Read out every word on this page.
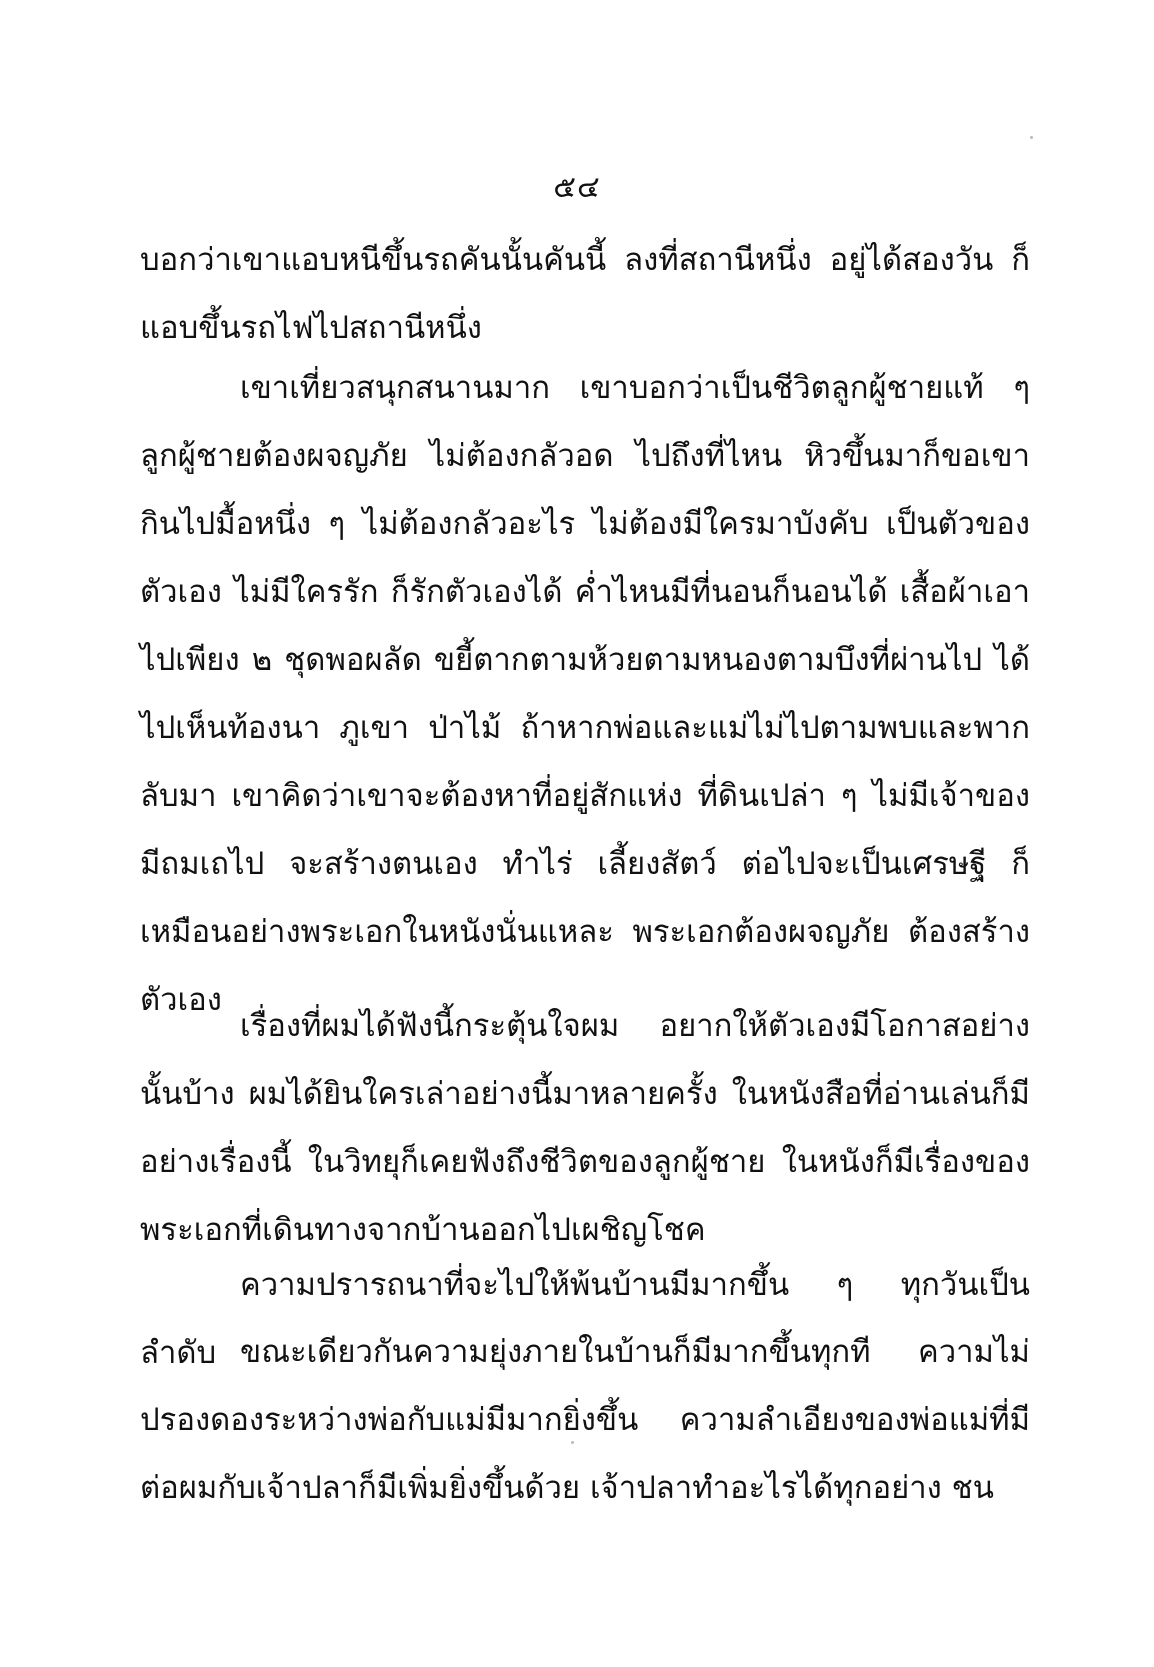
๕๔

บอกว่าเขาแอบหนีขึ้นรถคันนั้นคันนี้ ลงที่สถานีหนึ่ง อยู่ได้สองวัน ก็แอบขึ้นรถไฟไปสถานีหนึ่ง

เขาเที่ยวสนุกสนานมาก เขาบอกว่าเป็นชีวิตลูกผู้ชายแท้ ๆ ลูกผู้ชายต้องผจญภัย ไม่ต้องกลัวอด ไปถึงที่ไหน หิวขึ้นมาก็ขอเขากินไปมื้อหนึ่ง ๆ ไม่ต้องกลัวอะไร ไม่ต้องมีใครมาบังคับ เป็นตัวของตัวเอง ไม่มีใครรัก ก็รักตัวเองได้ ค่ำไหนมีที่นอนก็นอนได้ เสื้อผ้าเอาไปเพียง ๒ ชุดพอผลัด ขยี้ตากตามห้วยตามหนองตามบึงที่ผ่านไป ได้ไปเห็นท้องนา ภูเขา ป่าไม้ ถ้าหากพ่อและแม่ไม่ไปตามพบและพากลับมา เขาคิดว่าเขาจะต้องหาที่อยู่สักแห่ง ที่ดินเปล่า ๆ ไม่มีเจ้าของ มีถมเถไป จะสร้างตนเอง ทำไร่ เลี้ยงสัตว์ ต่อไปจะเป็นเศรษฐี ก็เหมือนอย่างพระเอกในหนังนั่นแหละ พระเอกต้องผจญภัย ต้องสร้างตัวเอง

เรื่องที่ผมได้ฟังนี้กระตุ้นใจผม อยากให้ตัวเองมีโอกาสอย่างนั้นบ้าง ผมได้ยินใครเล่าอย่างนี้มาหลายครั้ง ในหนังสือที่อ่านเล่นก็มีอย่างเรื่องนี้ ในวิทยุก็เคยฟังถึงชีวิตของลูกผู้ชาย ในหนังก็มีเรื่องของพระเอกที่เดินทางจากบ้านออกไปเผชิญโชค

ความปรารถนาที่จะไปให้พ้นบ้านมีมากขึ้น ๆ ทุกวันเป็นลำดับ ขณะเดียวกันความยุ่งภายในบ้านก็มีมากขึ้นทุกที ความไม่ปรองดองระหว่างพ่อกับแม่มีมากยิ่งขึ้น ความลำเอียงของพ่อแม่ที่มีต่อผมกับเจ้าปลาก็มีเพิ่มยิ่งขึ้นด้วย เจ้าปลาทำอะไรได้ทุกอย่าง ชน
